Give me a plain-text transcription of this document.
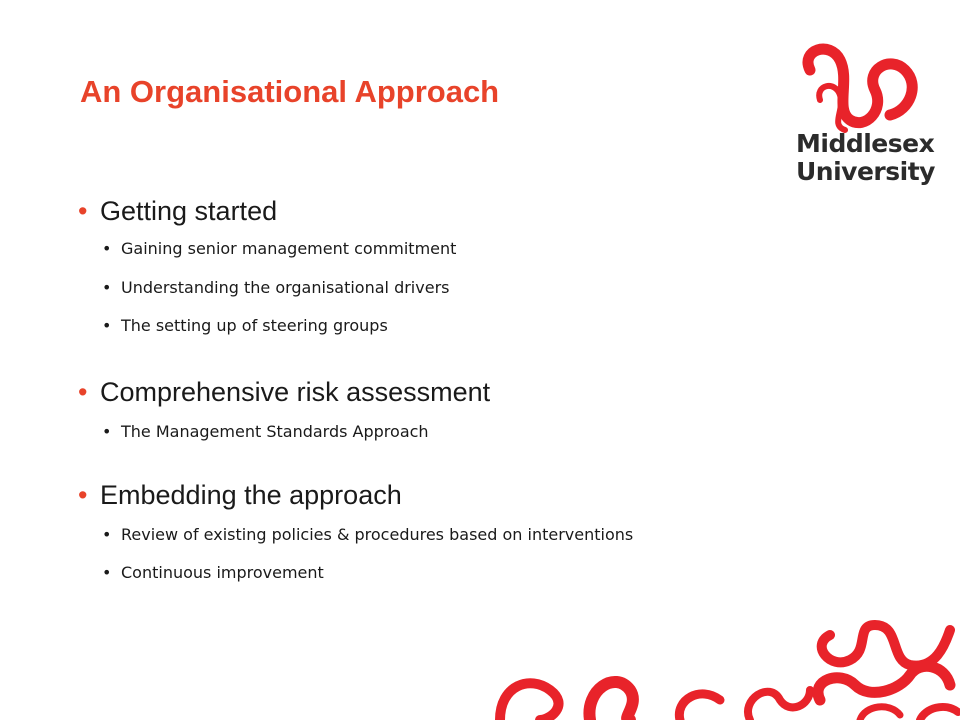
An Organisational Approach
Middlesex
University
• Getting started
• Gaining senior management commitment
• Understanding the organisational drivers
• The setting up of steering groups
• Comprehensive risk assessment
• The Management Standards Approach
• Embedding the approach
• Review of existing policies & procedures based on interventions
• Continuous improvement
